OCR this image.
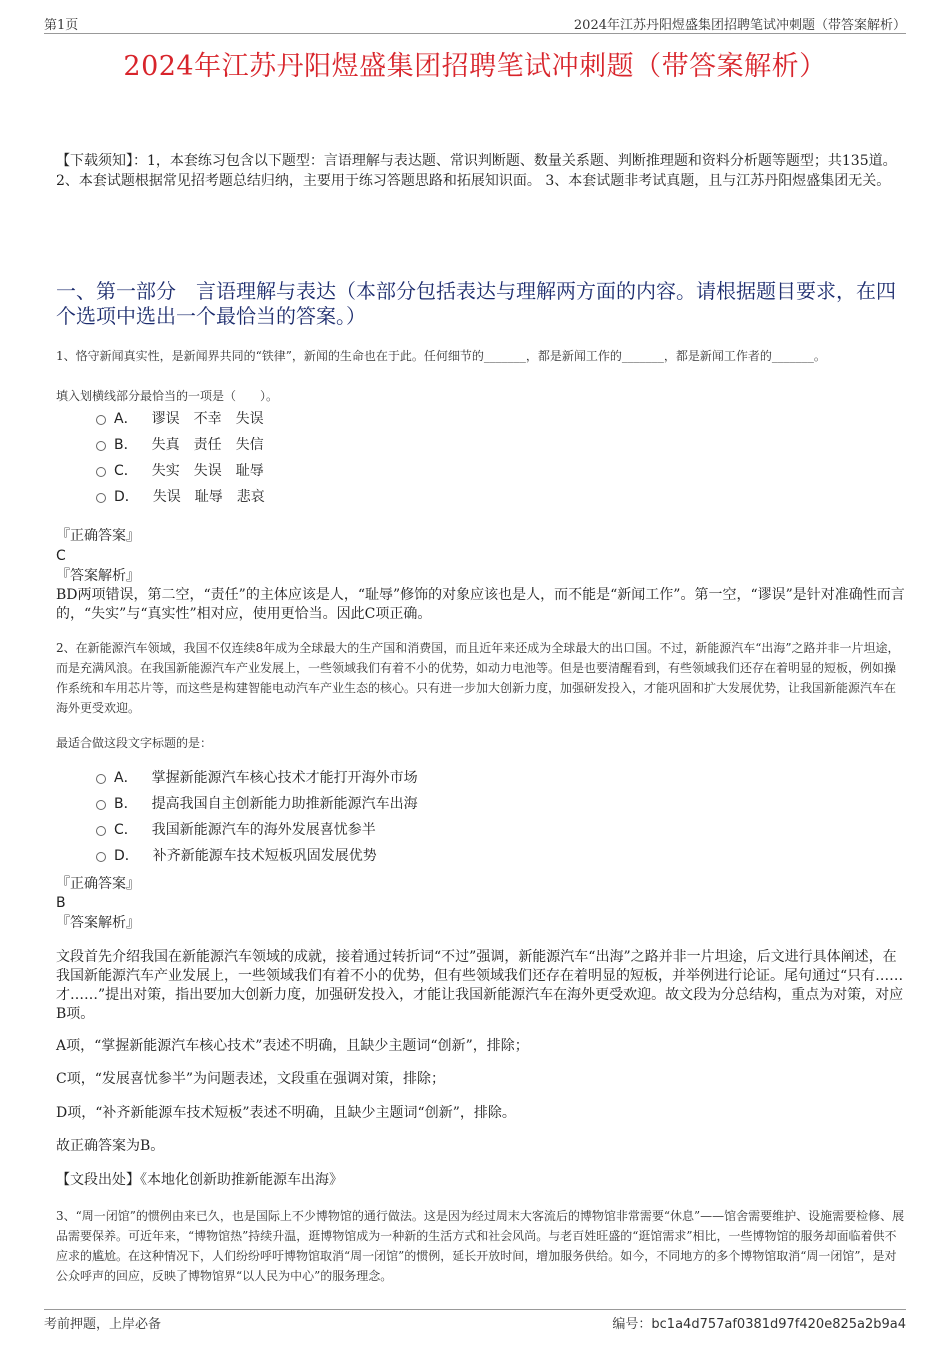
第1页	2024年江苏丹阳煜盛集团招聘笔试冲刺题（带答案解析）
2024年江苏丹阳煜盛集团招聘笔试冲刺题（带答案解析）
【下载须知】：1，本套练习包含以下题型：言语理解与表达题、常识判断题、数量关系题、判断推理题和资料分析题等题型；共135道。 2、本套试题根据常见招考题总结归纳，主要用于练习答题思路和拓展知识面。 3、本套试题非考试真题，且与江苏丹阳煜盛集团无关。
一、第一部分　言语理解与表达（本部分包括表达与理解两方面的内容。请根据题目要求，在四个选项中选出一个最恰当的答案。）
1、恪守新闻真实性，是新闻界共同的“铁律”，新闻的生命也在于此。任何细节的_______，都是新闻工作的_______，都是新闻工作者的_______。
填入划横线部分最恰当的一项是（　　）。
A． 谬误　不幸　失误
B． 失真　责任　失信
C． 失实　失误　耻辱
D． 失误　耻辱　悲哀
『正确答案』
C
『答案解析』
BD两项错误，第二空，“责任”的主体应该是人，“耻辱”修饰的对象应该也是人，而不能是“新闻工作”。第一空，“谬误”是针对准确性而言的，“失实”与“真实性”相对应，使用更恰当。因此C项正确。
2、在新能源汽车领域，我国不仅连续8年成为全球最大的生产国和消费国，而且近年来还成为全球最大的出口国。不过，新能源汽车“出海”之路并非一片坦途，而是充满风浪。在我国新能源汽车产业发展上，一些领域我们有着不小的优势，如动力电池等。但是也要清醒看到，有些领域我们还存在着明显的短板，例如操作系统和车用芯片等，而这些是构建智能电动汽车产业生态的核心。只有进一步加大创新力度，加强研发投入，才能巩固和扩大发展优势，让我国新能源汽车在海外更受欢迎。
最适合做这段文字标题的是：
A． 掌握新能源汽车核心技术才能打开海外市场
B． 提高我国自主创新能力助推新能源汽车出海
C． 我国新能源汽车的海外发展喜忧参半
D． 补齐新能源车技术短板巩固发展优势
『正确答案』
B
『答案解析』
文段首先介绍我国在新能源汽车领域的成就，接着通过转折词“不过”强调，新能源汽车“出海”之路并非一片坦途，后文进行具体阐述，在我国新能源汽车产业发展上，一些领域我们有着不小的优势，但有些领域我们还存在着明显的短板，并举例进行论证。尾句通过“只有……才……”提出对策，指出要加大创新力度，加强研发投入，才能让我国新能源汽车在海外更受欢迎。故文段为分总结构，重点为对策，对应B项。
A项，“掌握新能源汽车核心技术”表述不明确，且缺少主题词“创新”，排除；
C项，“发展喜忧参半”为问题表述，文段重在强调对策，排除；
D项，“补齐新能源车技术短板”表述不明确，且缺少主题词“创新”，排除。
故正确答案为B。
【文段出处】《本地化创新助推新能源车出海》
3、“周一闭馆”的惯例由来已久，也是国际上不少博物馆的通行做法。这是因为经过周末大客流后的博物馆非常需要“休息”——馆舍需要维护、设施需要检修、展品需要保养。可近年来，“博物馆热”持续升温，逛博物馆成为一种新的生活方式和社会风尚。与老百姓旺盛的“逛馆需求”相比，一些博物馆的服务却面临着供不应求的尴尬。在这种情况下，人们纷纷呼吁博物馆取消“周一闭馆”的惯例，延长开放时间，增加服务供给。如今，不同地方的多个博物馆取消“周一闭馆”，是对公众呼声的回应，反映了博物馆界“以人民为中心”的服务理念。
考前押题，上岸必备	编号：bc1a4d757af0381d97f420e825a2b9a4
